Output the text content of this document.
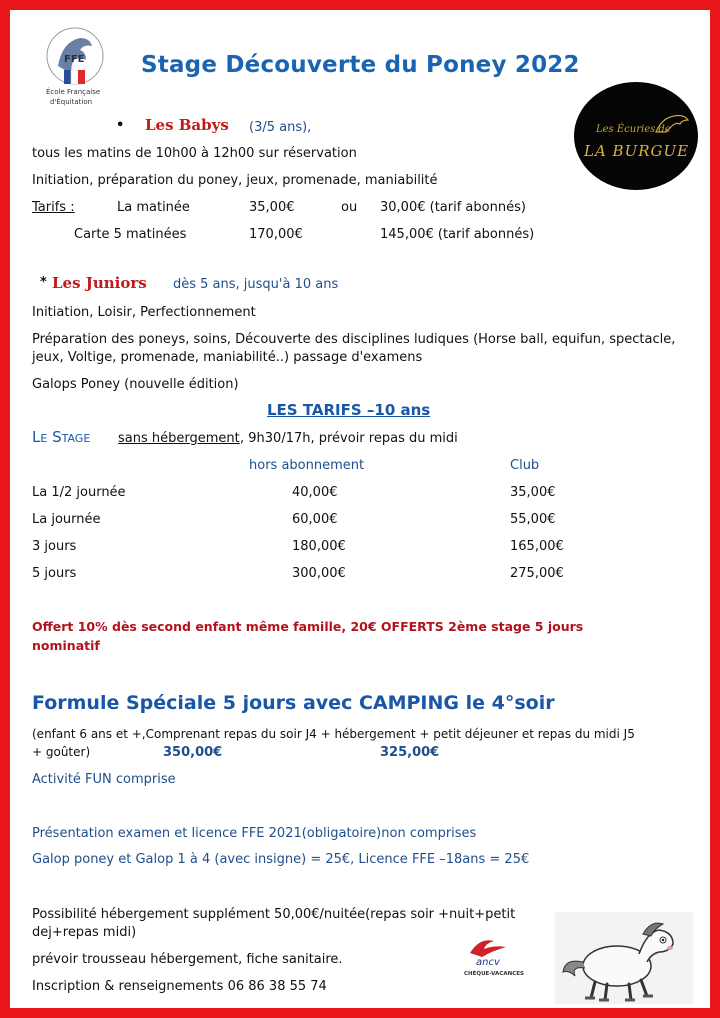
FFE
École Française
d'Équitation
Stage Découverte du Poney 2022
Les Écuries de
LA BURGUE
• Les Babys (3/5 ans),
tous les matins de 10h00 à 12h00 sur réservation
Initiation, préparation du poney, jeux, promenade, maniabilité
Tarifs :	La matinée	35,00€	ou 30,00€ (tarif abonnés)
Carte 5 matinées	170,00€	145,00€ (tarif abonnés)
* Les Juniors dès 5 ans, jusqu'à 10 ans
Initiation, Loisir, Perfectionnement
Préparation des poneys, soins, Découverte des disciplines ludiques (Horse ball, equifun, spectacle,
jeux, Voltige, promenade, maniabilité..) passage d'examens
Galops Poney (nouvelle édition)
LES TARIFS –10 ans
Le Stage sans hébergement , 9h30/17h, prévoir repas du midi
hors abonnement	Club
La 1/2 journée	40,00€	35,00€
La journée	60,00€	55,00€
3 jours	180,00€	165,00€
5 jours	300,00€	275,00€
Offert 10% dès second enfant même famille, 20€ OFFERTS 2ème stage 5 jours
nominatif
Formule Spéciale 5 jours avec CAMPING le 4°soir
(enfant 6 ans et +,Comprenant repas du soir J4 + hébergement + petit déjeuner et repas du midi J5
+ goûter)	350,00€	325,00€
Activité FUN comprise
Présentation examen et licence FFE 2021(obligatoire)non comprises
Galop poney et Galop 1 à 4 (avec insigne) = 25€, Licence FFE –18ans = 25€
Possibilité hébergement supplément 50,00€/nuitée(repas soir +nuit+petit
dej+repas midi)
prévoir trousseau hébergement, fiche sanitaire.
Inscription & renseignements 06 86 38 55 74
ancv
CHÈQUE-VACANCES
